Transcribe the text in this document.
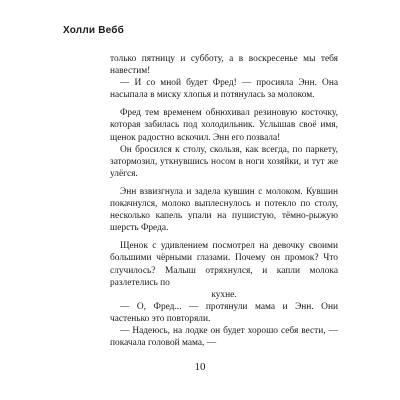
Холли Вебб

только пятницу и субботу, а в воскресенье мы тебя навестим!

— И со мной будет Фред! — просияла Энн. Она насыпала в миску хлопья и потянулась за молоком.

Фред тем временем обнюхивал резиновую косточку, которая забилась под холодильник. Услышав своё имя, щенок радостно вскочил. Энн его позвала!

Он бросился к столу, скользя, как всегда, по паркету, затормозил, уткнувшись носом в ноги хозяйки, и тут же улёгся.

Энн взвизгнула и задела кувшин с молоком. Кувшин покачнулся, молоко выплеснулось и потекло по столу, несколько капель упали на пушистую, тёмно-рыжую шерсть Фреда.

Щенок с удивлением посмотрел на девочку своими большими чёрными глазами. Почему он промок? Что случилось? Малыш отряхнулся, и капли молока разлетелись по

кухне.

— О, Фред... — протянули мама и Энн. Они частенько это повторяли.

— Надеюсь, на лодке он будет хорошо себя вести, — покачала головой мама, —

10
